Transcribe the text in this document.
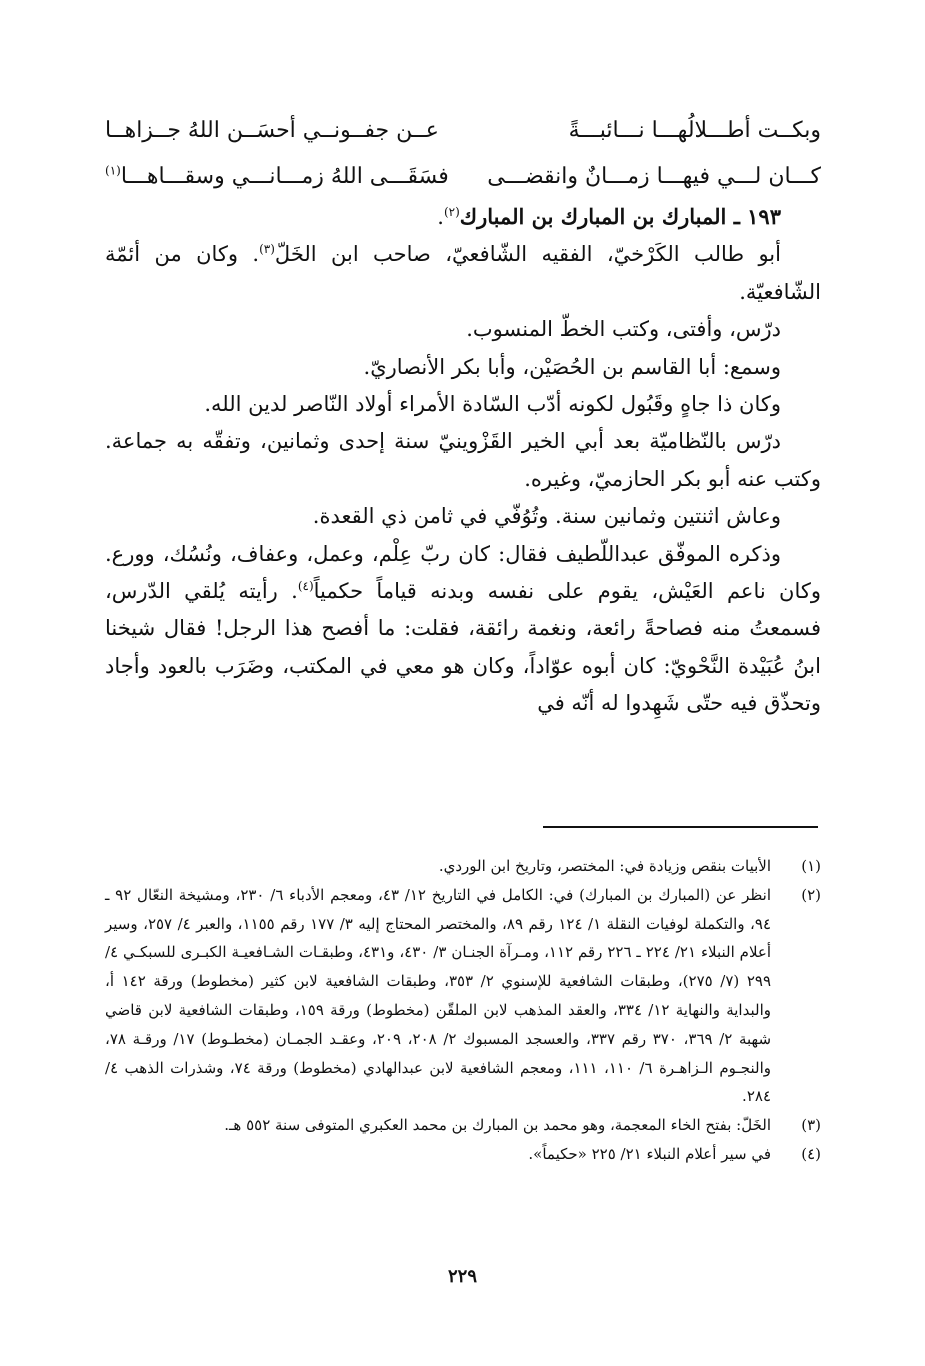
وبكــت أطـــلالُهـــا نـــائبـــةً
عــن جفــونــي أحسَــن اللهُ جــزاهــا
كـــان لـــي فيهـــا زمـــانٌ وانقضـــى
فسَقَـــى اللهُ زمـــانـــي وسقـــاهـــا$^{(١)}$

١٩٣ ـ المبارك بن المبارك بن المبارك$^{(٢)}$.

أبو طالب الكَرْخيّ، الفقيه الشّافعيّ، صاحب ابن الخَلّ$^{(٣)}$. وكان من أئمّة الشّافعيّة.

درّس، وأفتى، وكتب الخطّ المنسوب.

وسمع: أبا القاسم بن الحُصَيْن، وأبا بكر الأنصاريّ.

وكان ذا جاهٍ وقَبُول لكونه أدّب السّادة الأمراء أولاد النّاصر لدين الله.

درّس بالنّظاميّة بعد أبي الخير القَزْوينيّ سنة إحدى وثمانين، وتفقّه به جماعة. وكتب عنه أبو بكر الحازميّ، وغيره.

وعاش اثنتين وثمانين سنة. وتُوُفّي في ثامن ذي القعدة.

وذكره الموفّق عبداللّطيف فقال: كان ربّ عِلْم، وعمل، وعفاف، ونُسُك، وورع. وكان ناعم العَيْش، يقوم على نفسه وبدنه قياماً حكمياً$^{(٤)}$. رأيته يُلقي الدّرس، فسمعتُ منه فصاحةً رائعة، ونغمة رائقة، فقلت: ما أفصح هذا الرجل! فقال شيخنا ابنُ عُبَيْدة النَّحْويّ: كان أبوه عوّاداً، وكان هو معي في المكتب، وضَرَب بالعود وأجاد وتحذّق فيه حتّى شَهِدوا له أنّه في

(١)
الأبيات بنقص وزيادة في: المختصر، وتاريخ ابن الوردي.
(٢)
انظر عن (المبارك بن المبارك) في: الكامل في التاريخ ١٢/ ٤٣، ومعجم الأدباء ٦/ ٢٣٠، ومشيخة النعّال ٩٢ ـ ٩٤، والتكملة لوفيات النقلة ١/ ١٢٤ رقم ٨٩، والمختصر المحتاج إليه ٣/ ١٧٧ رقم ١١٥٥، والعبر ٤/ ٢٥٧، وسير أعلام النبلاء ٢١/ ٢٢٤ ـ ٢٢٦ رقم ١١٢، ومـرآة الجنـان ٣/ ٤٣٠، و٤٣١، وطبقـات الشـافعيـة الكبـرى للسبكـي ٤/ ٢٩٩ (٧/ ٢٧٥)، وطبقات الشافعية للإسنوي ٢/ ٣٥٣، وطبقات الشافعية لابن كثير (مخطوط) ورقة ١٤٢ أ، والبداية والنهاية ١٢/ ٣٣٤، والعقد المذهب لابن الملقّن (مخطوط) ورقة ١٥٩، وطبقات الشافعية لابن قاضي شهبة ٢/ ٣٦٩، ٣٧٠ رقم ٣٣٧، والعسجد المسبوك ٢/ ٢٠٨، ٢٠٩، وعقـد الجمـان (مخطـوط) ١٧/ ورقـة ٧٨، والنجـوم الـزاهـرة ٦/ ١١٠، ١١١، ومعجم الشافعية لابن عبدالهادي (مخطوط) ورقة ٧٤، وشذرات الذهب ٤/ ٢٨٤.
(٣)
الخَلّ: بفتح الخاء المعجمة، وهو محمد بن المبارك بن محمد العكبري المتوفى سنة ٥٥٢ هـ.
(٤)
في سير أعلام النبلاء ٢١/ ٢٢٥ «حكيماً».
٢٢٩
